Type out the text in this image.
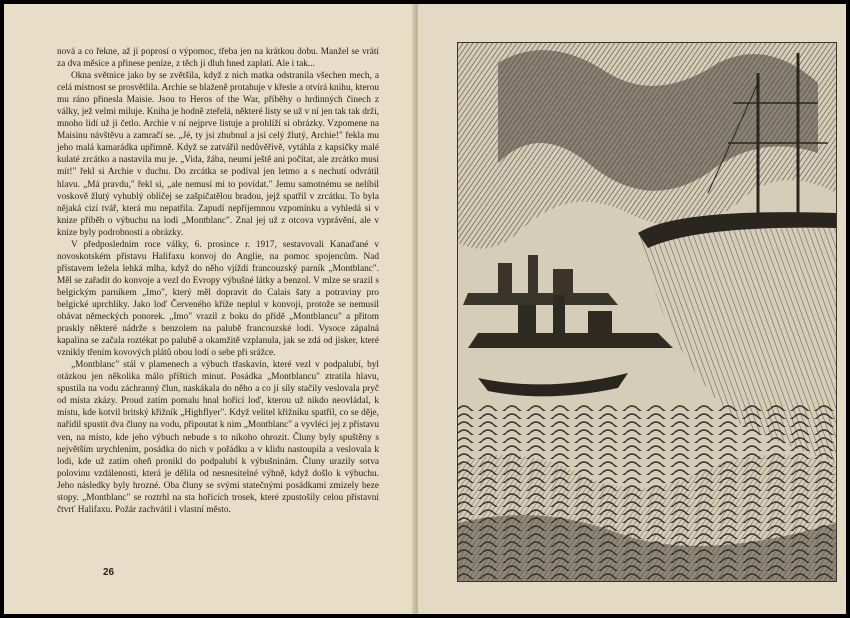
nová a co řekne, až jí poprosí o výpomoc, třeba jen na krátkou dobu. Manžel se vrátí za dva měsíce a přinese peníze, z těch jí dluh hned zaplatí. Ale i tak...

Okna světnice jako by se zvětšila, když z nich matka odstranila všechen mech, a celá místnost se prosvětlila. Archie se blaženě protahuje v křesle a otvírá knihu, kterou mu ráno přinesla Maisie. Jsou to Heros of the War, příběhy o hrdinných činech z války, jež velmi miluje. Kniha je hodně zteřelá, některé listy se už v ní jen tak tak drží, mnoho lidí už ji četlo. Archie v ní nejprve listuje a prohlíží si obrázky. Vzpomene na Maisinu návštěvu a zamračí se. „Jé, ty jsi zhubnul a jsi celý žlutý, Archie!" řekla mu jeho malá kamarádka upřímně. Když se zatvářil nedůvěřivě, vytáhla z kapsičky malé kulaté zrcátko a nastavila mu je. „Vida, žába, neumí ještě ani počítat, ale zrcátko musí mít!" řekl si Archie v duchu. Do zrcátka se podíval jen letmo a s nechutí odvrátil hlavu. „Má pravdu," řekl si, „ale nemusí mi to povídat." Jemu samotnému se nelíbil voskově žlutý vyhublý obličej se zašpičatělou bradou, jejž spatřil v zrcátku. To byla nějaká cizí tvář, která mu nepatřila. Zapudí nepříjemnou vzpomínku a vyhledá si v knize příběh o výbuchu na lodi „Montblanc". Znal jej už z otcova vyprávění, ale v knize byly podrobnosti a obrázky.

V předposledním roce války, 6. prosince r. 1917, sestavovali Kanaďané v novoskotském přístavu Halifaxu konvoj do Anglie, na pomoc spojencům. Nad přístavem ležela lehká mlha, když do něho vjíždí francouzský parník „Montblanc". Měl se zařadit do konvoje a vezl do Evropy výbušné látky a benzol. V mlze se srazil s belgickým parníkem „Imo", který měl dopravit do Calais šaty a potraviny pro belgické uprchlíky. Jako loď Červeného kříže neplul v konvoji, protože se nemusil obávat německých ponorek. „Imo" vrazil z boku do přídě „Montblancu" a přitom praskly některé nádrže s benzolem na palubě francouzské lodi. Vysoce zápalná kapalina se začala roztékat po palubě a okamžitě vzplanula, jak se zdá od jisker, které vznikly třením kovových plátů obou lodí o sebe při srážce.

„Montblanc" stál v plamenech a výbuch třaskavin, které vezl v podpalubí, byl otázkou jen několika málo příštích minut. Posádka „Montblancu" ztratila hlavu, spustila na vodu záchranný člun, naskákala do něho a co jí síly stačily veslovala pryč od místa zkázy. Proud zatím pomalu hnal hořící loď, kterou už nikdo neovládal, k místu, kde kotvil britský křižník „Highflyer". Když velitel křižníku spatřil, co se děje, nařídil spustit dva čluny na vodu, připoutat k nim „Montblanc" a vyvléci jej z přístavu ven, na místo, kde jeho výbuch nebude s to nikoho ohrozit. Čluny byly spuštěny s největším urychlením, posádka do nich v pořádku a v klidu nastoupila a veslovala k lodi, kde už zatím oheň pronikl do podpalubí k výbušninám. Čluny urazily sotva polovinu vzdálenosti, která je dělila od nesnesitelné výhně, když došlo k výbuchu. Jeho následky byly hrozné. Oba čluny se svými statečnými posádkami zmizely beze stopy. „Montblanc" se roztrhl na sta hořících trosek, které zpustošily celou přístavní čtvrť Halifaxu. Požár zachvátil i vlastní město.

26
